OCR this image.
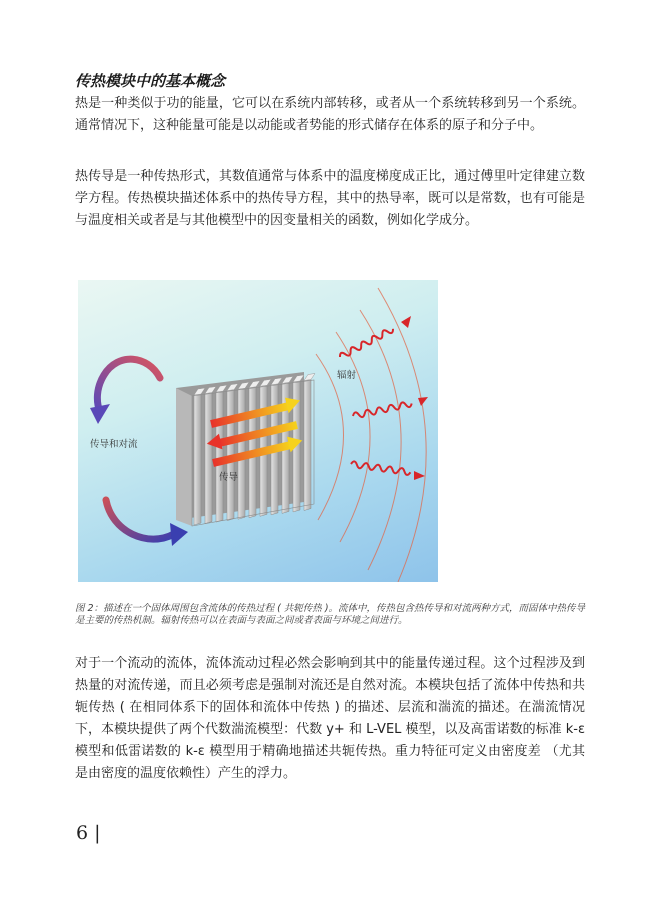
传热模块中的基本概念
热是一种类似于功的能量，它可以在系统内部转移，或者从一个系统转移到另一个系统。通常情况下，这种能量可能是以动能或者势能的形式储存在体系的原子和分子中。
热传导是一种传热形式，其数值通常与体系中的温度梯度成正比，通过傅里叶定律建立数学方程。传热模块描述体系中的热传导方程，其中的热导率，既可以是常数，也有可能是与温度相关或者是与其他模型中的因变量相关的函数，例如化学成分。
传导和对流
传导
辐射
图 2：描述在一个固体周围包含流体的传热过程 ( 共轭传热 )。流体中，传热包含热传导和对流两种方式，而固体中热传导是主要的传热机制。辐射传热可以在表面与表面之间或者表面与环境之间进行。
对于一个流动的流体，流体流动过程必然会影响到其中的能量传递过程。这个过程涉及到热量的对流传递，而且必须考虑是强制对流还是自然对流。本模块包括了流体中传热和共轭传热 ( 在相同体系下的固体和流体中传热 ) 的描述、层流和湍流的描述。在湍流情况下，本模块提供了两个代数湍流模型：代数 y+ 和 L-VEL 模型，以及高雷诺数的标准 k-ε 模型和低雷诺数的 k-ε 模型用于精确地描述共轭传热。重力特征可定义由密度差 （尤其是由密度的温度依赖性）产生的浮力。
6 |
